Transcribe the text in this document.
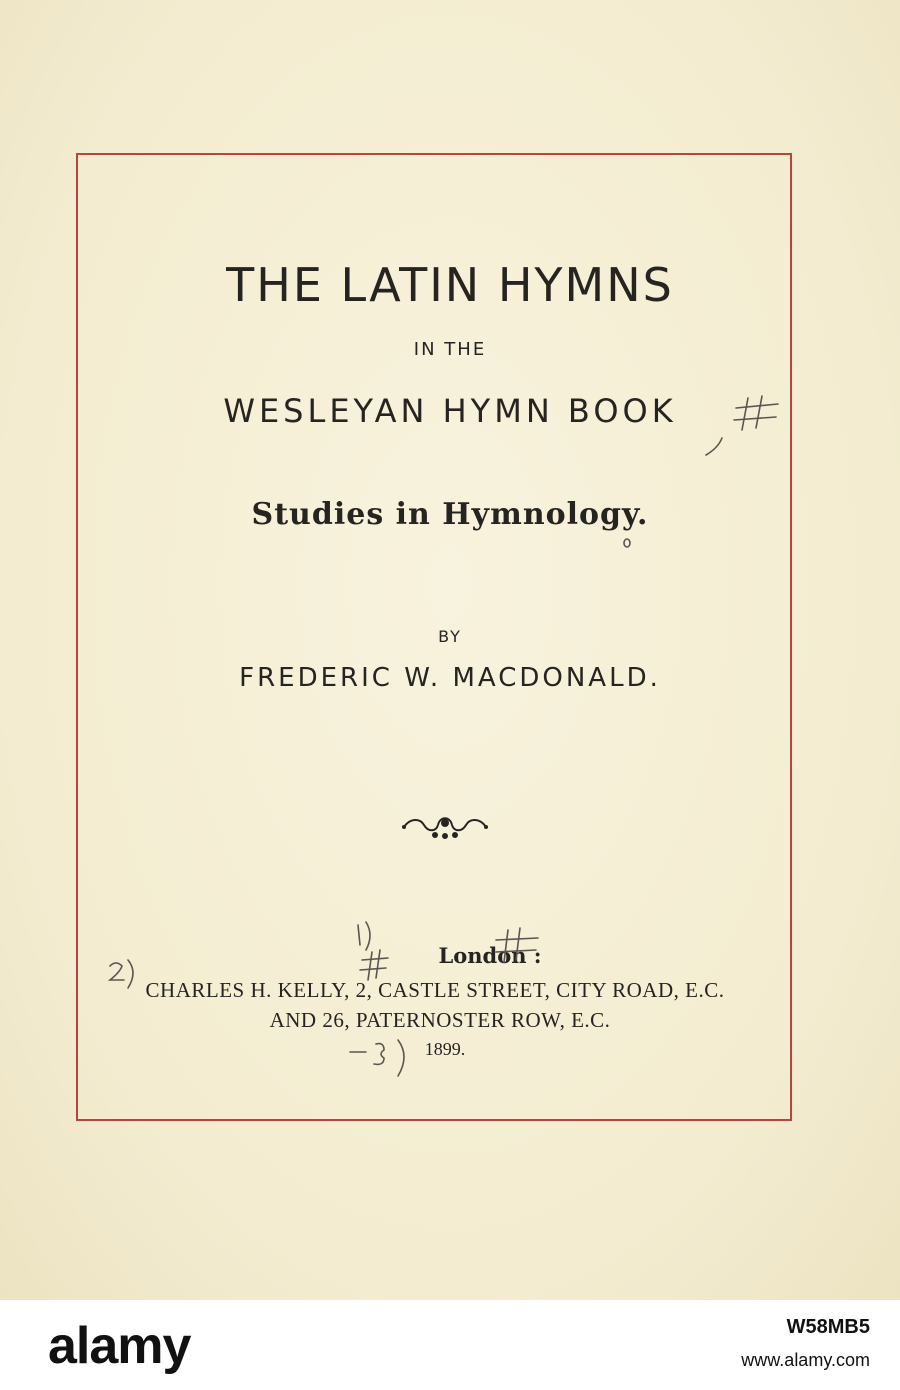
THE LATIN HYMNS
IN THE
WESLEYAN HYMN BOOK
Studies in Hymnology.
BY
FREDERIC W. MACDONALD.
London :
CHARLES H. KELLY, 2, CASTLE STREET, CITY ROAD, E.C.
AND 26, PATERNOSTER ROW, E.C.
1899.
alamy	W58MB5
www.alamy.com
